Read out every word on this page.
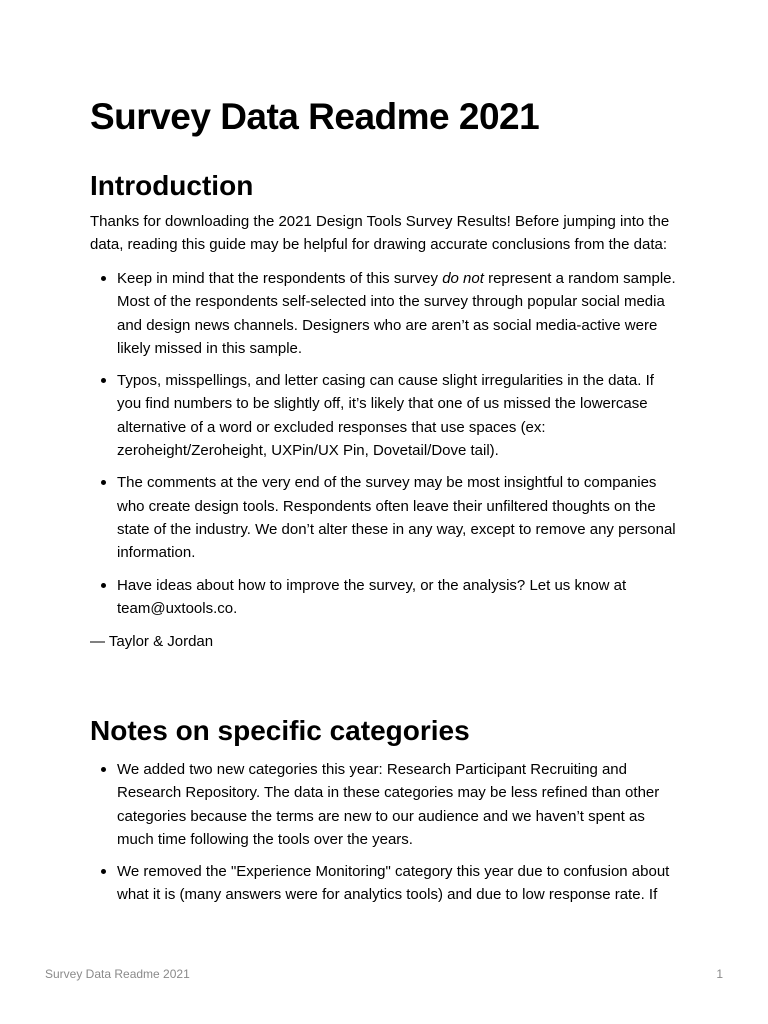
Survey Data Readme 2021
Introduction

Thanks for downloading the 2021 Design Tools Survey Results! Before jumping into the data, reading this guide may be helpful for drawing accurate conclusions from the data:

Keep in mind that the respondents of this survey do not represent a random sample. Most of the respondents self-selected into the survey through popular social media and design news channels. Designers who are aren’t as social media-active were likely missed in this sample.
Typos, misspellings, and letter casing can cause slight irregularities in the data. If you find numbers to be slightly off, it’s likely that one of us missed the lowercase alternative of a word or excluded responses that use spaces (ex: zeroheight/Zeroheight, UXPin/UX Pin, Dovetail/Dove tail).
The comments at the very end of the survey may be most insightful to companies who create design tools. Respondents often leave their unfiltered thoughts on the state of the industry. We don’t alter these in any way, except to remove any personal information.
Have ideas about how to improve the survey, or the analysis? Let us know at team@uxtools.co.

— Taylor & Jordan

Notes on specific categories
We added two new categories this year: Research Participant Recruiting and Research Repository. The data in these categories may be less refined than other categories because the terms are new to our audience and we haven’t spent as much time following the tools over the years.
We removed the "Experience Monitoring" category this year due to confusion about what it is (many answers were for analytics tools) and due to low response rate. If
Survey Data Readme 2021	1
